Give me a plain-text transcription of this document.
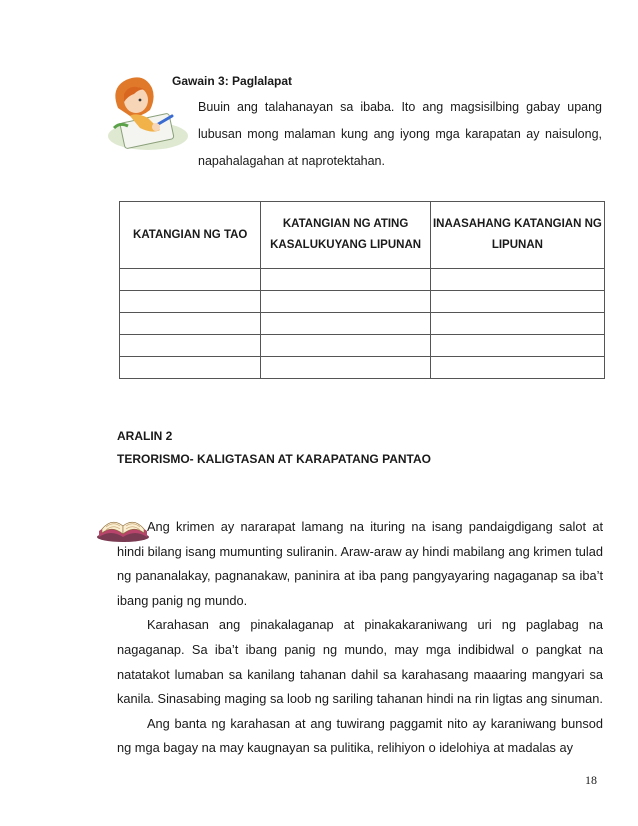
Gawain 3: Paglalapat
Buuin ang talahanayan sa ibaba. Ito ang magsisilbing gabay upang lubusan mong malaman kung ang iyong mga karapatan ay naisulong, napahalagahan at naprotektahan.
KATANGIAN NG TAO	KATANGIAN NG ATING KASALUKUYANG LIPUNAN	INAASAHANG KATANGIAN NG LIPUNAN

ARALIN 2
TERORISMO- KALIGTASAN AT KARAPATANG PANTAO

Ang krimen ay nararapat lamang na ituring na isang pandaigdigang salot at hindi bilang isang mumunting suliranin. Araw-araw ay hindi mabilang ang krimen tulad ng pananalakay, pagnanakaw, paninira at iba pang pangyayaring nagaganap sa iba’t ibang panig ng mundo.

Karahasan ang pinakalaganap at pinakakaraniwang uri ng paglabag na nagaganap. Sa iba’t ibang panig ng mundo, may mga indibidwal o pangkat na natatakot lumaban sa kanilang tahanan dahil sa karahasang maaaring mangyari sa kanila. Sinasabing maging sa loob ng sariling tahanan hindi na rin ligtas ang sinuman.

Ang banta ng karahasan at ang tuwirang paggamit nito ay karaniwang bunsod ng mga bagay na may kaugnayan sa pulitika, relihiyon o idelohiya at madalas ay

18
